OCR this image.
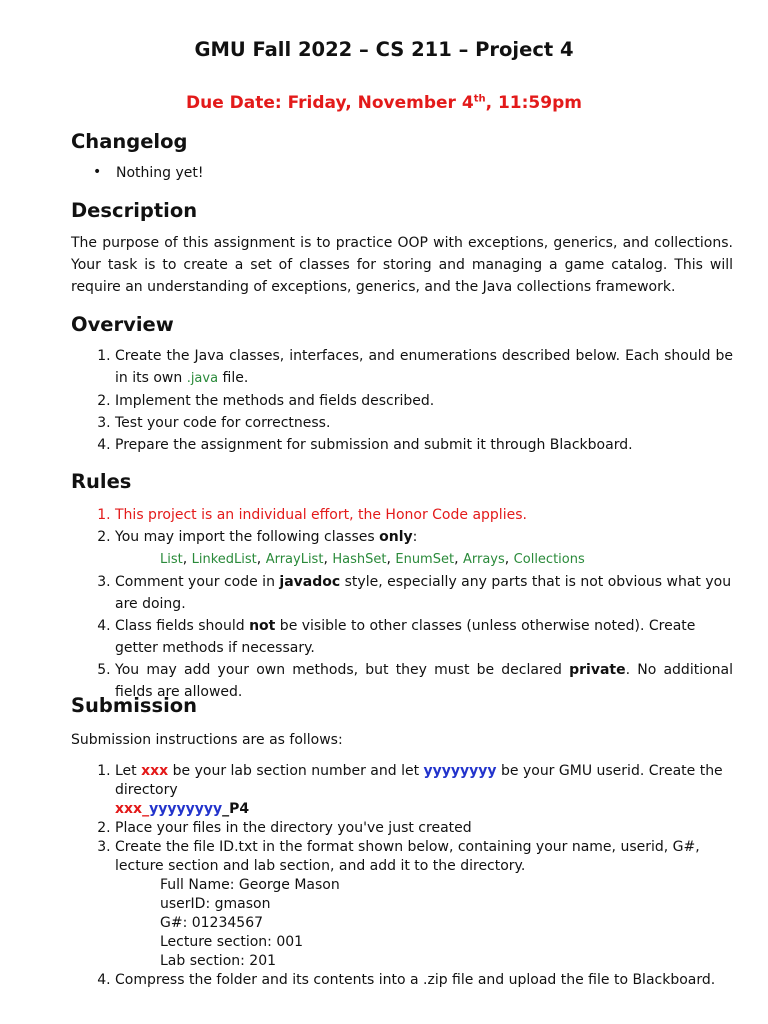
GMU Fall 2022 – CS 211 – Project 4
Due Date: Friday, November 4th, 11:59pm
Changelog
• Nothing yet!
Description
The purpose of this assignment is to practice OOP with exceptions, generics, and collections. Your task is to create a set of classes for storing and managing a game catalog. This will require an understanding of exceptions, generics, and the Java collections framework.
Overview
1. Create the Java classes, interfaces, and enumerations described below. Each should be in its own .java file.
2. Implement the methods and fields described.
3. Test your code for correctness.
4. Prepare the assignment for submission and submit it through Blackboard.
Rules
1. This project is an individual effort, the Honor Code applies.
2. You may import the following classes only:
List, LinkedList, ArrayList, HashSet, EnumSet, Arrays, Collections
3. Comment your code in javadoc style, especially any parts that is not obvious what you are doing.
4. Class fields should not be visible to other classes (unless otherwise noted). Create getter methods if necessary.
5. You may add your own methods, but they must be declared private. No additional fields are allowed.
Submission
Submission instructions are as follows:
1. Let xxx be your lab section number and let yyyyyyyy be your GMU userid. Create the directory
xxx_yyyyyyyy_P4
2. Place your files in the directory you've just created
3. Create the file ID.txt in the format shown below, containing your name, userid, G#, lecture section and lab section, and add it to the directory.
Full Name: George Mason
userID: gmason
G#: 01234567
Lecture section: 001
Lab section: 201
4. Compress the folder and its contents into a .zip file and upload the file to Blackboard.
